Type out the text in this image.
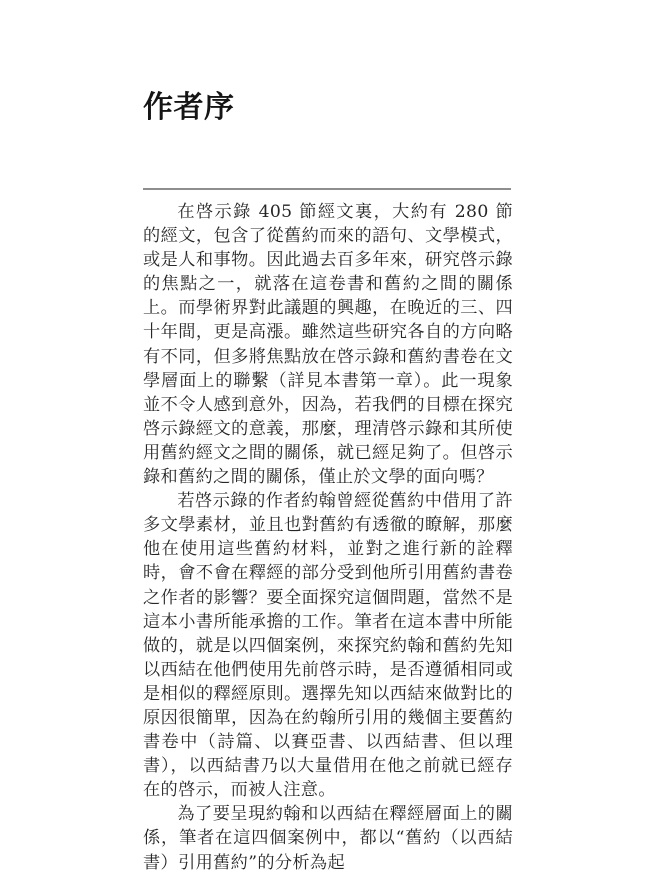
作者序

在啓示錄 405 節經文裏，大約有 280 節的經文，包含了從舊約而來的語句、文學模式，或是人和事物。因此過去百多年來，研究啓示錄的焦點之一，就落在這卷書和舊約之間的關係上。而學術界對此議題的興趣，在晚近的三、四十年間，更是高漲。雖然這些研究各自的方向略有不同，但多將焦點放在啓示錄和舊約書卷在文學層面上的聯繫（詳見本書第一章）。此一現象並不令人感到意外，因為，若我們的目標在探究啓示錄經文的意義，那麼，理清啓示錄和其所使用舊約經文之間的關係，就已經足夠了。但啓示錄和舊約之間的關係，僅止於文學的面向嗎？

若啓示錄的作者約翰曾經從舊約中借用了許多文學素材，並且也對舊約有透徹的瞭解，那麼他在使用這些舊約材料，並對之進行新的詮釋時，會不會在釋經的部分受到他所引用舊約書卷之作者的影響？要全面探究這個問題，當然不是這本小書所能承擔的工作。筆者在這本書中所能做的，就是以四個案例，來探究約翰和舊約先知以西結在他們使用先前啓示時，是否遵循相同或是相似的釋經原則。選擇先知以西結來做對比的原因很簡單，因為在約翰所引用的幾個主要舊約書卷中（詩篇、以賽亞書、以西結書、但以理書），以西結書乃以大量借用在他之前就已經存在的啓示，而被人注意。

為了要呈現約翰和以西結在釋經層面上的關係，筆者在這四個案例中，都以“舊約（以西結書）引用舊約”的分析為起
